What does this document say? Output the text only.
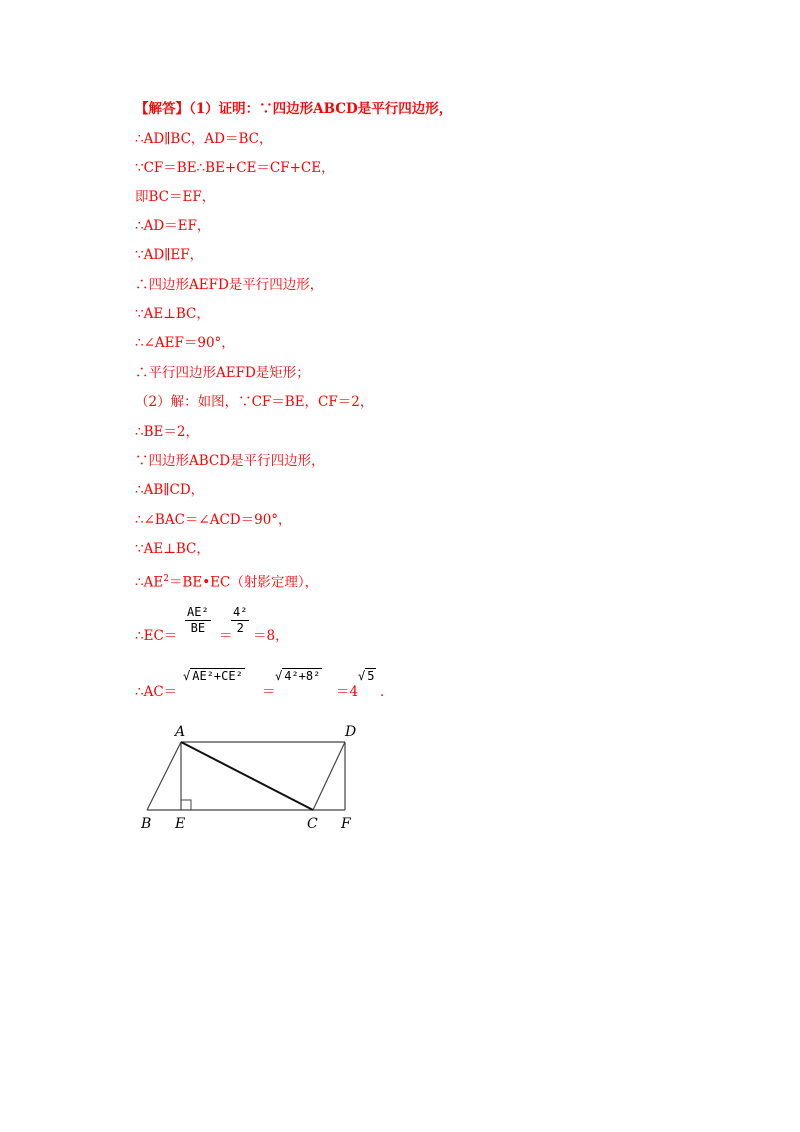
【解答】（1）证明：∵四边形ABCD是平行四边形，
∴AD∥BC，AD＝BC，
∵CF＝BE∴BE+CE＝CF+CE，
即BC＝EF，
∴AD＝EF，
∵AD∥EF，
∴四边形AEFD是平行四边形，
∵AE⊥BC，
∴∠AEF＝90°，
∴平行四边形AEFD是矩形；
（2）解：如图，∵CF＝BE，CF＝2，
∴BE＝2，
∵四边形ABCD是平行四边形，
∴AB∥CD，
∴∠BAC＝∠ACD＝90°，
∵AE⊥BC，
$\therefore AE^2=BE•EC$（射影定理），
∴EC＝ $\frac{\text{AE²}}{BE}$ ＝
$\frac{\text{4²}}{2} =8$，
∴AC＝
√ AE²+CE²
＝
√ 4²+8²
＝4
√ 5
．
A	D
B E	C F
